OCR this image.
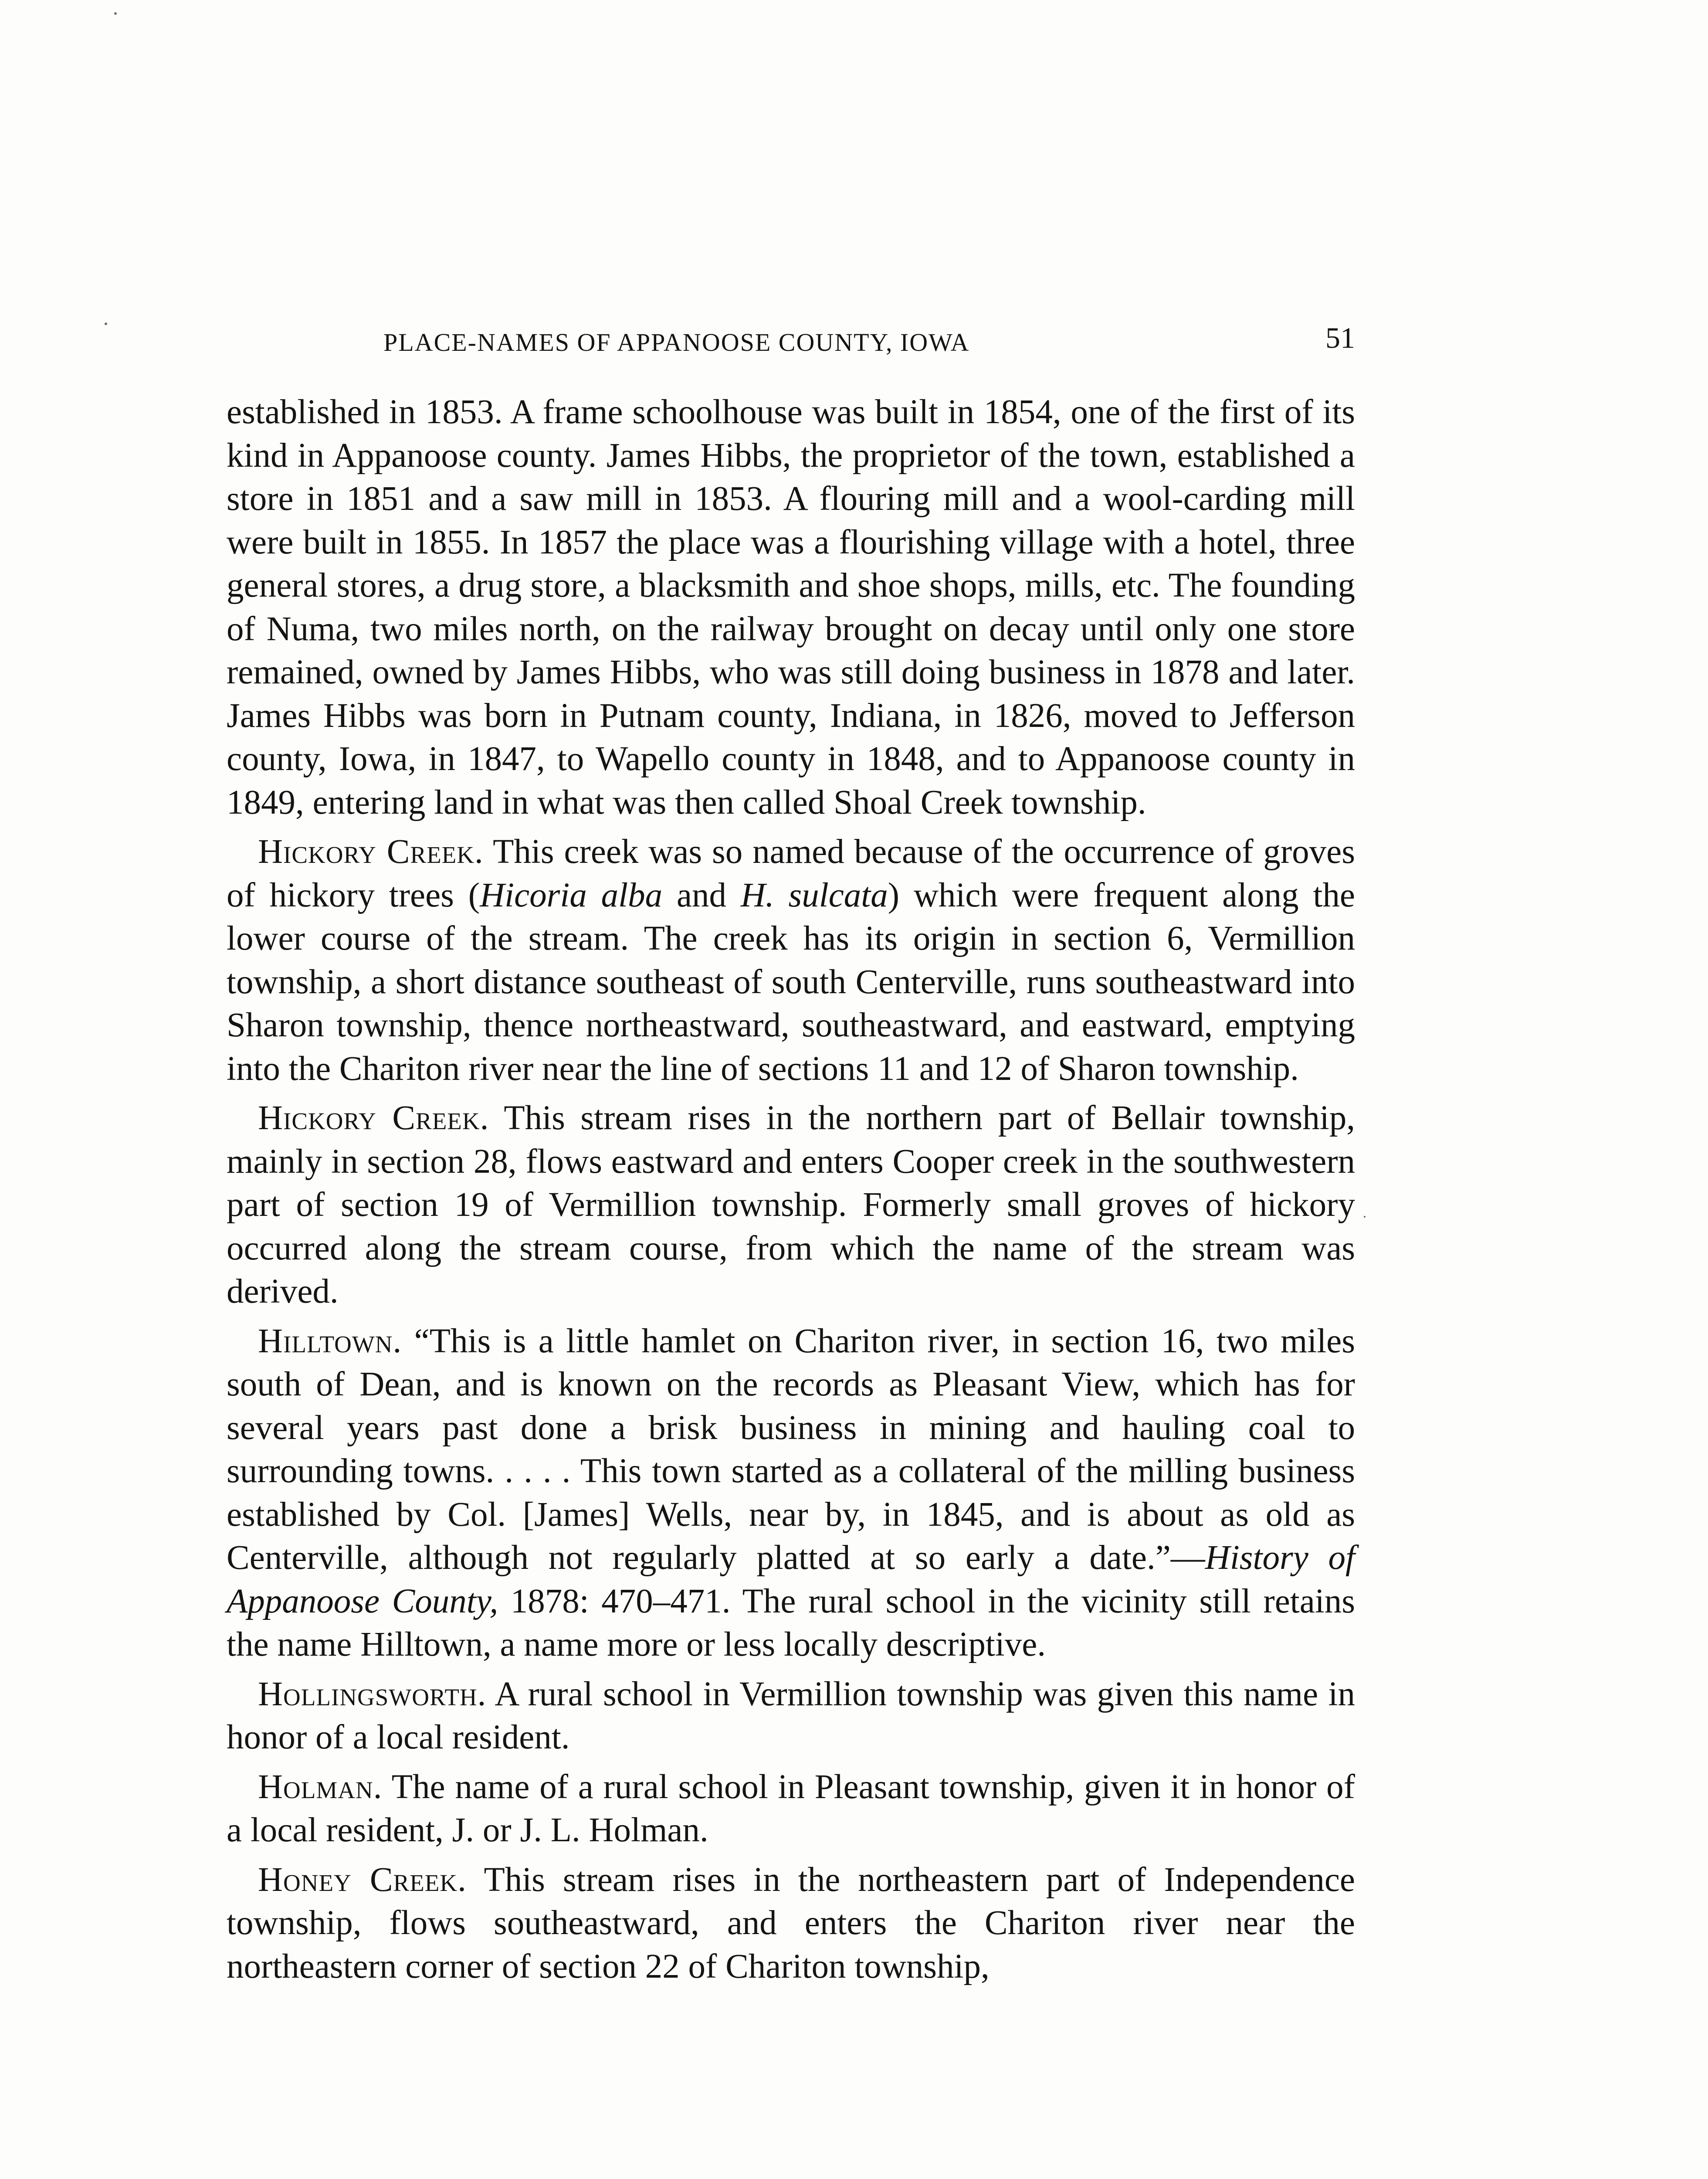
PLACE-NAMES OF APPANOOSE COUNTY, IOWA	51

established in 1853. A frame schoolhouse was built in 1854, one of the first of its kind in Appanoose county. James Hibbs, the proprietor of the town, established a store in 1851 and a saw mill in 1853. A flouring mill and a wool-carding mill were built in 1855. In 1857 the place was a flourishing village with a hotel, three general stores, a drug store, a blacksmith and shoe shops, mills, etc. The founding of Numa, two miles north, on the railway brought on decay until only one store remained, owned by James Hibbs, who was still doing business in 1878 and later. James Hibbs was born in Putnam county, Indiana, in 1826, moved to Jefferson county, Iowa, in 1847, to Wapello county in 1848, and to Appanoose county in 1849, entering land in what was then called Shoal Creek township.

Hickory Creek. This creek was so named because of the occurrence of groves of hickory trees (Hicoria alba and H. sulcata) which were frequent along the lower course of the stream. The creek has its origin in section 6, Vermillion township, a short distance southeast of south Centerville, runs southeastward into Sharon township, thence northeastward, southeastward, and eastward, emptying into the Chariton river near the line of sections 11 and 12 of Sharon township.

Hickory Creek. This stream rises in the northern part of Bellair township, mainly in section 28, flows eastward and enters Cooper creek in the southwestern part of section 19 of Vermillion township. Formerly small groves of hickory occurred along the stream course, from which the name of the stream was derived.

Hilltown. “This is a little hamlet on Chariton river, in section 16, two miles south of Dean, and is known on the records as Pleasant View, which has for several years past done a brisk business in mining and hauling coal to surrounding towns. . . . . This town started as a collateral of the milling business established by Col. [James] Wells, near by, in 1845, and is about as old as Centerville, although not regularly platted at so early a date.”—History of Appanoose County, 1878: 470–471. The rural school in the vicinity still retains the name Hilltown, a name more or less locally descriptive.

Hollingsworth. A rural school in Vermillion township was given this name in honor of a local resident.

Holman. The name of a rural school in Pleasant township, given it in honor of a local resident, J. or J. L. Holman.

Honey Creek. This stream rises in the northeastern part of Independence township, flows southeastward, and enters the Chariton river near the northeastern corner of section 22 of Chariton township,
